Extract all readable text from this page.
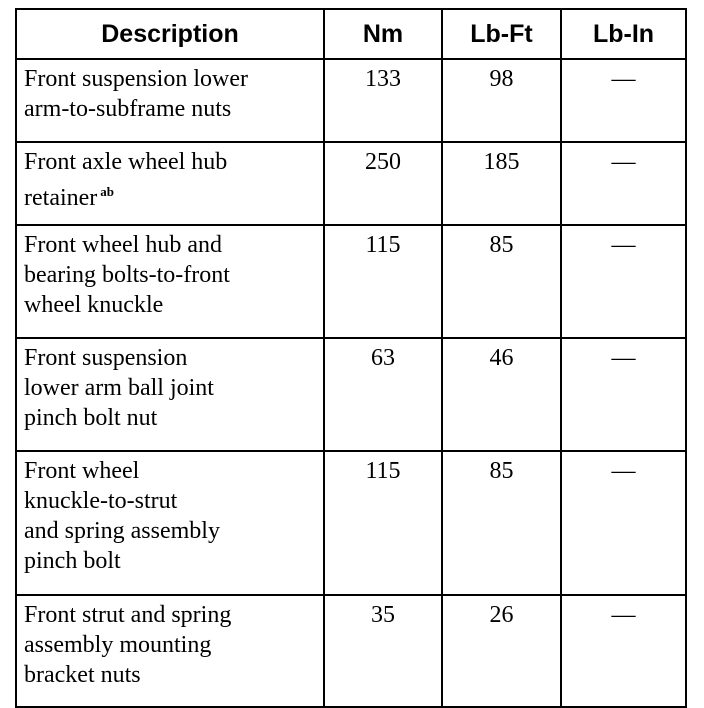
Description	Nm	Lb-Ft	Lb-In

Front suspension lower
arm-to-subframe nuts	133	98	—

Front axle wheel hub
retainer $^{ab}$	250	185	—

Front wheel hub and
bearing bolts-to-front
wheel knuckle	115	85	—

Front suspension
lower arm ball joint
pinch bolt nut	63	46	—

Front wheel
knuckle-to-strut
and spring assembly
pinch bolt	115	85	—

Front strut and spring
assembly mounting
bracket nuts	35	26	—
